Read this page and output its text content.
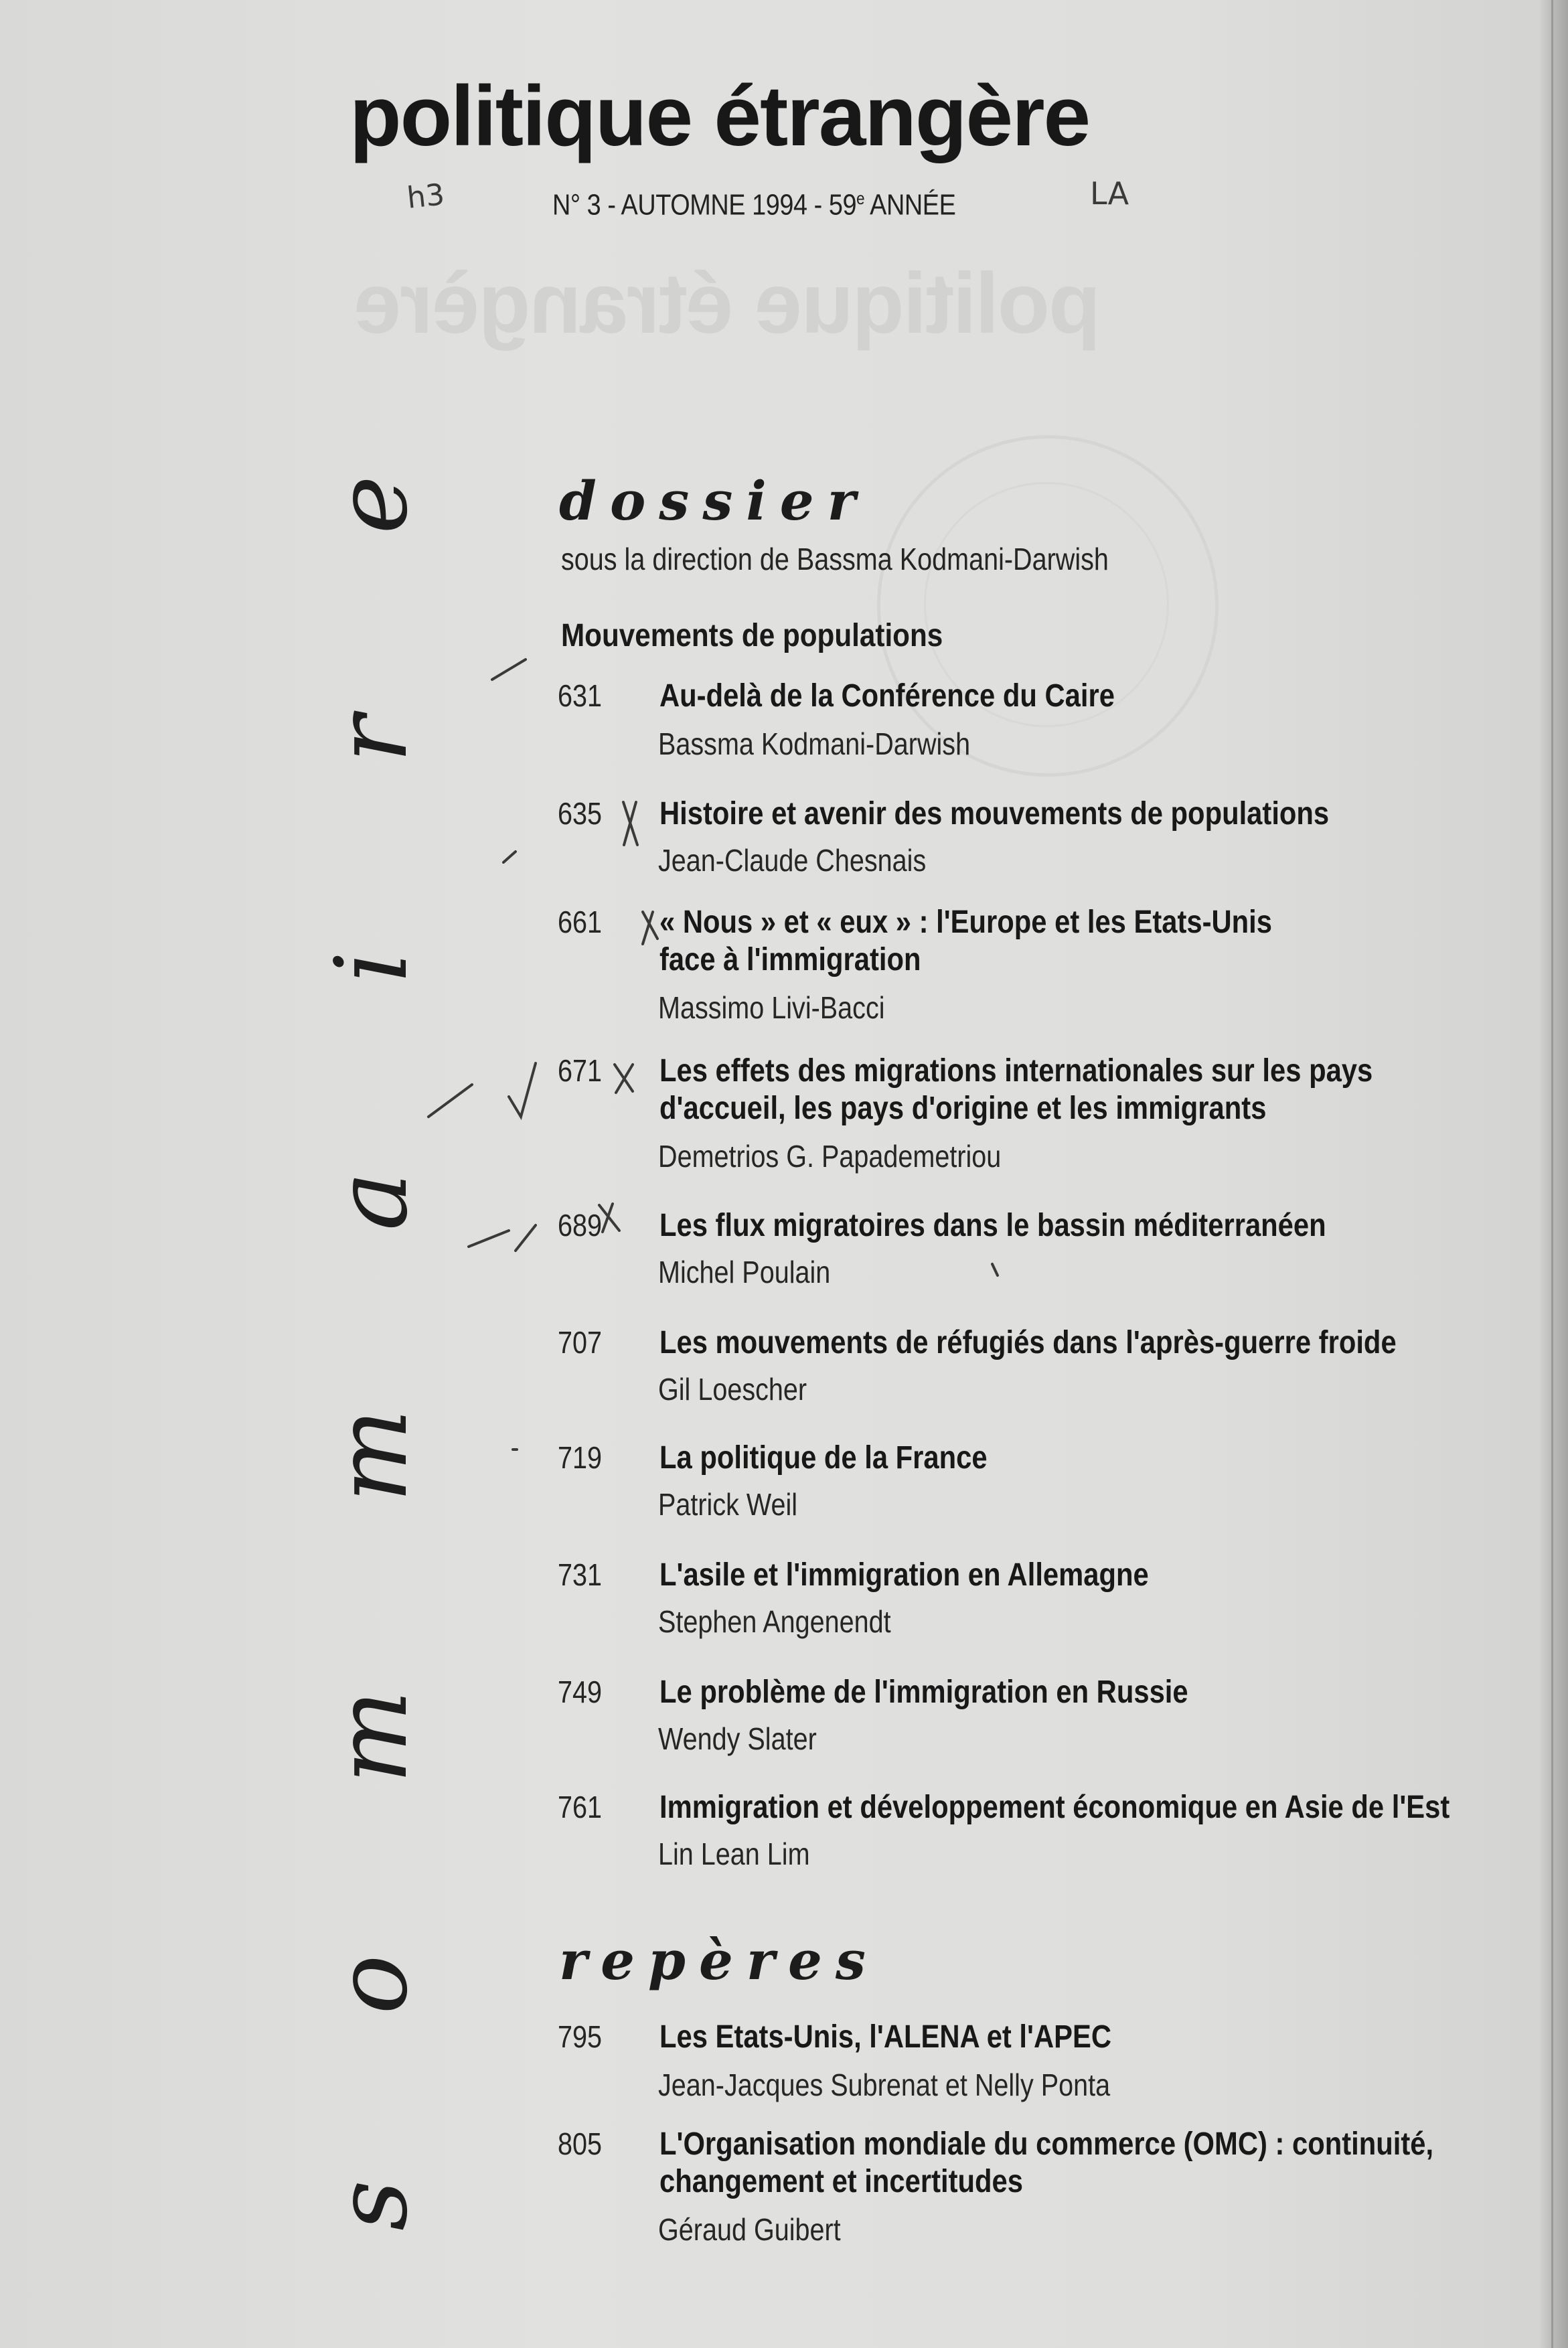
politique étrangère
politique étrangère
N° 3 - AUTOMNE 1994 - 59e ANNÉE
h3	LA
s
o
m
m
a
i
r
e dossier
sous la direction de Bassma Kodmani-Darwish
Mouvements de populations
631 Au-delà de la Conférence du Caire
Bassma Kodmani-Darwish
635 Histoire et avenir des mouvements de populations
Jean-Claude Chesnais
661 « Nous » et « eux » : l'Europe et les Etats-Unis
face à l'immigration
Massimo Livi-Bacci
671 Les effets des migrations internationales sur les pays
d'accueil, les pays d'origine et les immigrants
Demetrios G. Papademetriou
689 Les flux migratoires dans le bassin méditerranéen
Michel Poulain
707 Les mouvements de réfugiés dans l'après-guerre froide
Gil Loescher
719 La politique de la France
Patrick Weil
731 L'asile et l'immigration en Allemagne
Stephen Angenendt
749 Le problème de l'immigration en Russie
Wendy Slater
761 Immigration et développement économique en Asie de l'Est
Lin Lean Lim
repères
795 Les Etats-Unis, l'ALENA et l'APEC
Jean-Jacques Subrenat et Nelly Ponta
805 L'Organisation mondiale du commerce (OMC) : continuité,
changement et incertitudes
Géraud Guibert
